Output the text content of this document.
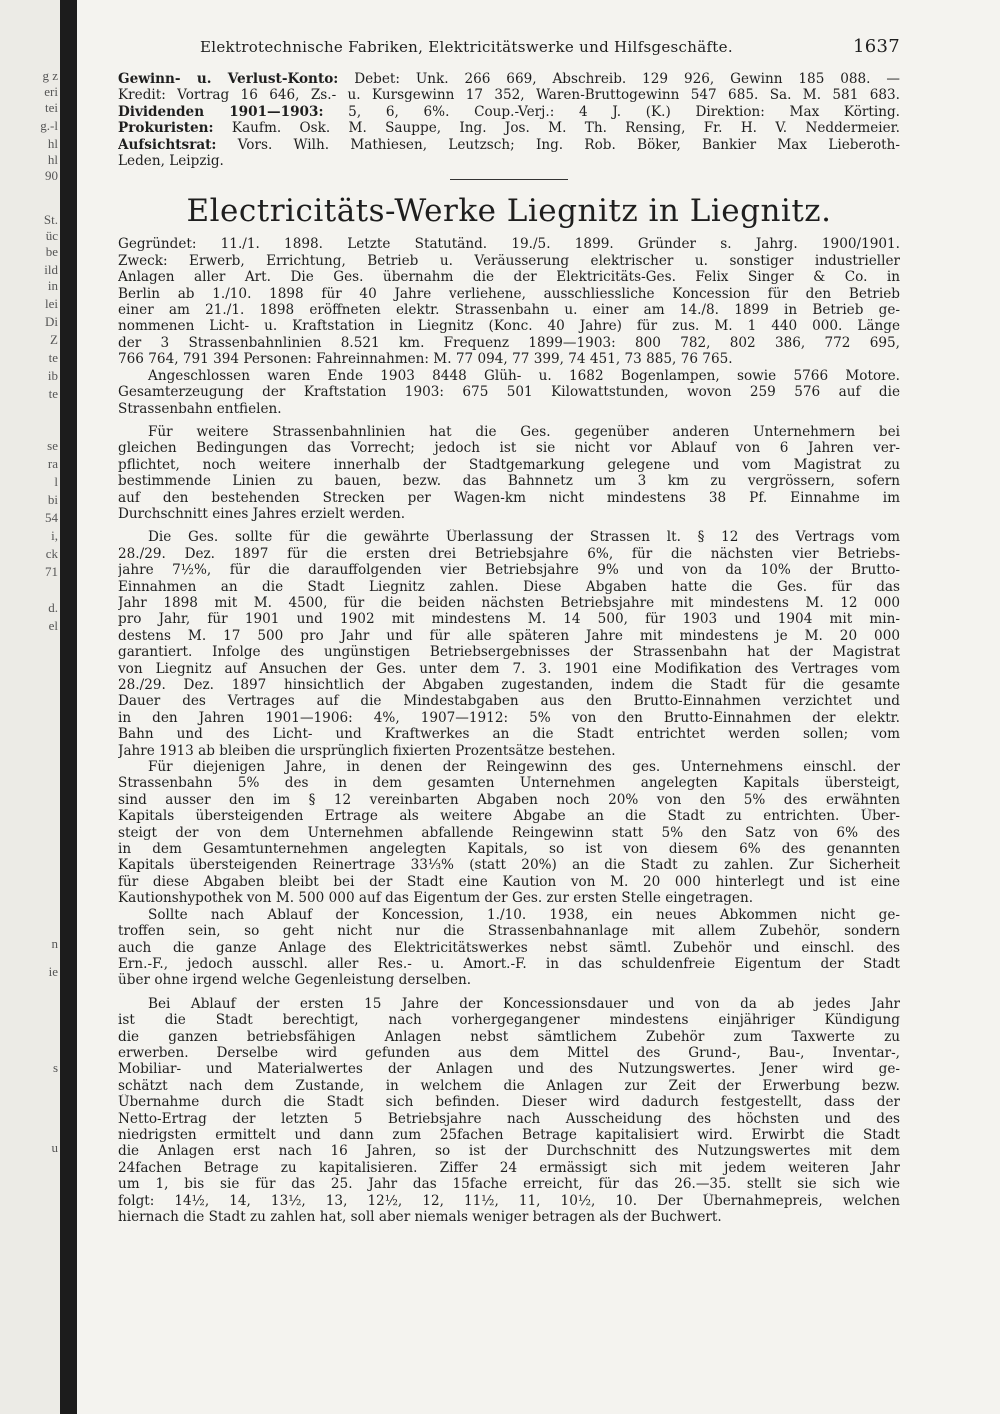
g z
eri
tei
g.-l
hl
hl
90
St.
üc
be
ild
in
lei
Di
Z
te
ib
te
se
ra
l
bi
54
i,
ck
71
d.
el
n
ie
s
u
Elektrotechnische Fabriken, Elektricitätswerke und Hilfsgeschäfte.	1637
Gewinn- u. Verlust-Konto: Debet: Unk. 266 669, Abschreib. 129 926, Gewinn 185 088. —
Kredit: Vortrag 16 646, Zs.- u. Kursgewinn 17 352, Waren-Bruttogewinn 547 685. Sa. M. 581 683.
Dividenden 1901—1903: 5, 6, 6%. Coup.-Verj.: 4 J. (K.) Direktion: Max Körting.
Prokuristen: Kaufm. Osk. M. Sauppe, Ing. Jos. M. Th. Rensing, Fr. H. V. Neddermeier.
Aufsichtsrat: Vors. Wilh. Mathiesen, Leutzsch; Ing. Rob. Böker, Bankier Max Lieberoth-
Leden, Leipzig.
Electricitäts-Werke Liegnitz in Liegnitz.
Gegründet: 11./1. 1898. Letzte Statutänd. 19./5. 1899. Gründer s. Jahrg. 1900/1901.
Zweck: Erwerb, Errichtung, Betrieb u. Veräusserung elektrischer u. sonstiger industrieller
Anlagen aller Art. Die Ges. übernahm die der Elektricitäts-Ges. Felix Singer & Co. in
Berlin ab 1./10. 1898 für 40 Jahre verliehene, ausschliessliche Koncession für den Betrieb
einer am 21./1. 1898 eröffneten elektr. Strassenbahn u. einer am 14./8. 1899 in Betrieb ge-
nommenen Licht- u. Kraftstation in Liegnitz (Konc. 40 Jahre) für zus. M. 1 440 000. Länge
der 3 Strassenbahnlinien 8.521 km. Frequenz 1899—1903: 800 782, 802 386, 772 695,
766 764, 791 394 Personen: Fahreinnahmen: M. 77 094, 77 399, 74 451, 73 885, 76 765.
Angeschlossen waren Ende 1903 8448 Glüh- u. 1682 Bogenlampen, sowie 5766 Motore.
Gesamterzeugung der Kraftstation 1903: 675 501 Kilowattstunden, wovon 259 576 auf die
Strassenbahn entfielen.
Für weitere Strassenbahnlinien hat die Ges. gegenüber anderen Unternehmern bei
gleichen Bedingungen das Vorrecht; jedoch ist sie nicht vor Ablauf von 6 Jahren ver-
pflichtet, noch weitere innerhalb der Stadtgemarkung gelegene und vom Magistrat zu
bestimmende Linien zu bauen, bezw. das Bahnnetz um 3 km zu vergrössern, sofern
auf den bestehenden Strecken per Wagen-km nicht mindestens 38 Pf. Einnahme im
Durchschnitt eines Jahres erzielt werden.
Die Ges. sollte für die gewährte Überlassung der Strassen lt. § 12 des Vertrags vom
28./29. Dez. 1897 für die ersten drei Betriebsjahre 6%, für die nächsten vier Betriebs-
jahre 7½%, für die darauffolgenden vier Betriebsjahre 9% und von da 10% der Brutto-
Einnahmen an die Stadt Liegnitz zahlen. Diese Abgaben hatte die Ges. für das
Jahr 1898 mit M. 4500, für die beiden nächsten Betriebsjahre mit mindestens M. 12 000
pro Jahr, für 1901 und 1902 mit mindestens M. 14 500, für 1903 und 1904 mit min-
destens M. 17 500 pro Jahr und für alle späteren Jahre mit mindestens je M. 20 000
garantiert. Infolge des ungünstigen Betriebsergebnisses der Strassenbahn hat der Magistrat
von Liegnitz auf Ansuchen der Ges. unter dem 7. 3. 1901 eine Modifikation des Vertrages vom
28./29. Dez. 1897 hinsichtlich der Abgaben zugestanden, indem die Stadt für die gesamte
Dauer des Vertrages auf die Mindestabgaben aus den Brutto-Einnahmen verzichtet und
in den Jahren 1901—1906: 4%, 1907—1912: 5% von den Brutto-Einnahmen der elektr.
Bahn und des Licht- und Kraftwerkes an die Stadt entrichtet werden sollen; vom
Jahre 1913 ab bleiben die ursprünglich fixierten Prozentsätze bestehen.
Für diejenigen Jahre, in denen der Reingewinn des ges. Unternehmens einschl. der
Strassenbahn 5% des in dem gesamten Unternehmen angelegten Kapitals übersteigt,
sind ausser den im § 12 vereinbarten Abgaben noch 20% von den 5% des erwähnten
Kapitals übersteigenden Ertrage als weitere Abgabe an die Stadt zu entrichten. Über-
steigt der von dem Unternehmen abfallende Reingewinn statt 5% den Satz von 6% des
in dem Gesamtunternehmen angelegten Kapitals, so ist von diesem 6% des genannten
Kapitals übersteigenden Reinertrage 33⅓% (statt 20%) an die Stadt zu zahlen. Zur Sicherheit
für diese Abgaben bleibt bei der Stadt eine Kaution von M. 20 000 hinterlegt und ist eine
Kautionshypothek von M. 500 000 auf das Eigentum der Ges. zur ersten Stelle eingetragen.
Sollte nach Ablauf der Koncession, 1./10. 1938, ein neues Abkommen nicht ge-
troffen sein, so geht nicht nur die Strassenbahnanlage mit allem Zubehör, sondern
auch die ganze Anlage des Elektricitätswerkes nebst sämtl. Zubehör und einschl. des
Ern.-F., jedoch ausschl. aller Res.- u. Amort.-F. in das schuldenfreie Eigentum der Stadt
über ohne irgend welche Gegenleistung derselben.
Bei Ablauf der ersten 15 Jahre der Koncessionsdauer und von da ab jedes Jahr
ist die Stadt berechtigt, nach vorhergegangener mindestens einjähriger Kündigung
die ganzen betriebsfähigen Anlagen nebst sämtlichem Zubehör zum Taxwerte zu
erwerben. Derselbe wird gefunden aus dem Mittel des Grund-, Bau-, Inventar-,
Mobiliar- und Materialwertes der Anlagen und des Nutzungswertes. Jener wird ge-
schätzt nach dem Zustande, in welchem die Anlagen zur Zeit der Erwerbung bezw.
Übernahme durch die Stadt sich befinden. Dieser wird dadurch festgestellt, dass der
Netto-Ertrag der letzten 5 Betriebsjahre nach Ausscheidung des höchsten und des
niedrigsten ermittelt und dann zum 25fachen Betrage kapitalisiert wird. Erwirbt die Stadt
die Anlagen erst nach 16 Jahren, so ist der Durchschnitt des Nutzungswertes mit dem
24fachen Betrage zu kapitalisieren. Ziffer 24 ermässigt sich mit jedem weiteren Jahr
um 1, bis sie für das 25. Jahr das 15fache erreicht, für das 26.—35. stellt sie sich wie
folgt: 14½, 14, 13½, 13, 12½, 12, 11½, 11, 10½, 10. Der Übernahmepreis, welchen
hiernach die Stadt zu zahlen hat, soll aber niemals weniger betragen als der Buchwert.
